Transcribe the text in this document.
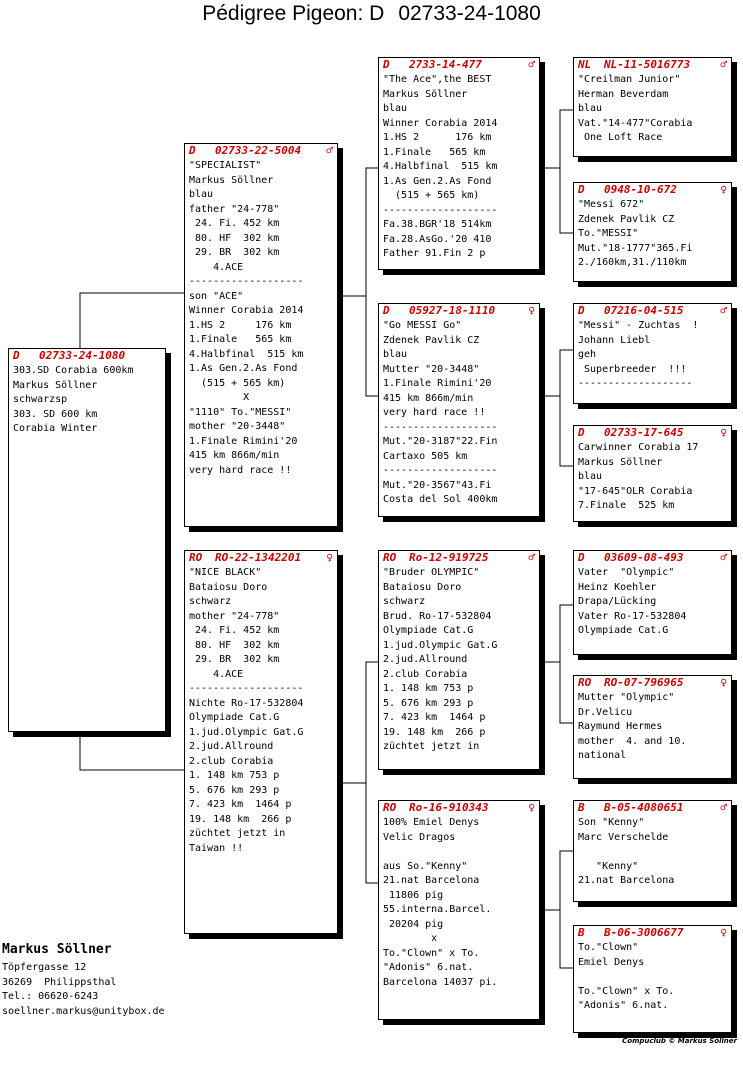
Pédigree Pigeon: D 02733-24-1080
D 02733-24-1080
303.SD Corabia 600km
Markus Söllner
schwarzsp
303. SD 600 km
Corabia Winter
D 02733-22-5004 ♂
"SPECIALIST"
Markus Söllner
blau
father "24-778"
24. Fi. 452 km
80. HF  302 km
29. BR  302 km
4.ACE
-------------------
son "ACE"
Winner Corabia 2014
1.HS 2     176 km
1.Finale   565 km
4.Halbfinal  515 km
1.As Gen.2.As Fond
(515 + 565 km)
X
"1110" To."MESSI"
mother "20-3448"
1.Finale Rimini'20
415 km 866m/min
very hard race !!
RO RO-22-1342201 ♀
"NICE BLACK"
Bataiosu Doro
schwarz
mother "24-778"
24. Fi. 452 km
80. HF  302 km
29. BR  302 km
4.ACE
-------------------
Nichte Ro-17-532804
Olympiade Cat.G
1.jud.Olympic Gat.G
2.jud.Allround
2.club Corabia
1. 148 km 753 p
5. 676 km 293 p
7. 423 km  1464 p
19. 148 km  266 p
züchtet jetzt in
Taiwan !!
D 2733-14-477	♂
"The Ace",the BEST
Markus Söllner
blau
Winner Corabia 2014
1.HS 2      176 km
1.Finale   565 km
4.Halbfinal  515 km
1.As Gen.2.As Fond
(515 + 565 km)
-------------------
Fa.38.BGR'18 514km
Fa.28.AsGo.'20 410
Father 91.Fin 2 p
D 05927-18-1110	♀
"Go MESSI Go"
Zdenek Pavlik CZ
blau
Mutter "20-3448"
1.Finale Rimini'20
415 km 866m/min
very hard race !!
-------------------
Mut."20-3187"22.Fin
Cartaxo 505 km
-------------------
Mut."20-3567"43.Fi
Costa del Sol 400km
RO Ro-12-919725	♂
"Bruder OLYMPIC"
Bataiosu Doro
schwarz
Brud. Ro-17-532804
Olympiade Cat.G
1.jud.Olympic Gat.G
2.jud.Allround
2.club Corabia
1. 148 km 753 p
5. 676 km 293 p
7. 423 km  1464 p
19. 148 km  266 p
züchtet jetzt in
RO Ro-16-910343	♀
100% Emiel Denys
Velic Dragos

aus So."Kenny"
21.nat Barcelona
11806 pig
55.interna.Barcel.
20204 pig
x
To."Clown" x To.
"Adonis" 6.nat.
Barcelona 14037 pi.
NL NL-11-5016773	♂
"Creilman Junior"
Herman Beverdam
blau
Vat."14-477"Corabia
One Loft Race
D 0948-10-672	♀
"Messi 672"
Zdenek Pavlik CZ
To."MESSI"
Mut."18-1777"365.Fi
2./160km,31./110km
D 07216-04-515	♂
"Messi" - Zuchtas  !
Johann Liebl
geh
Superbreeder  !!!
-------------------
D 02733-17-645	♀
Carwinner Corabia 17
Markus Söllner
blau
"17-645"OLR Corabia
7.Finale  525 km
D 03609-08-493	♂
Vater  "Olympic"
Heinz Koehler
Drapa/Lücking
Vater Ro-17-532804
Olympiade Cat.G
RO RO-07-796965	♀
Mutter "Olympic"
Dr.Velicu
Raymund Hermes
mother  4. and 10.
national
B B-05-4080651	♂
Son "Kenny"
Marc Verschelde

"Kenny"
21.nat Barcelona
B B-06-3006677	♀
To."Clown"
Emiel Denys

To."Clown" x To.
"Adonis" 6.nat.
Markus Söllner
Töpfergasse 12
36269  Philippsthal
Tel.: 06620-6243
soellner.markus@unitybox.de
Compuclub © Markus Söllner
